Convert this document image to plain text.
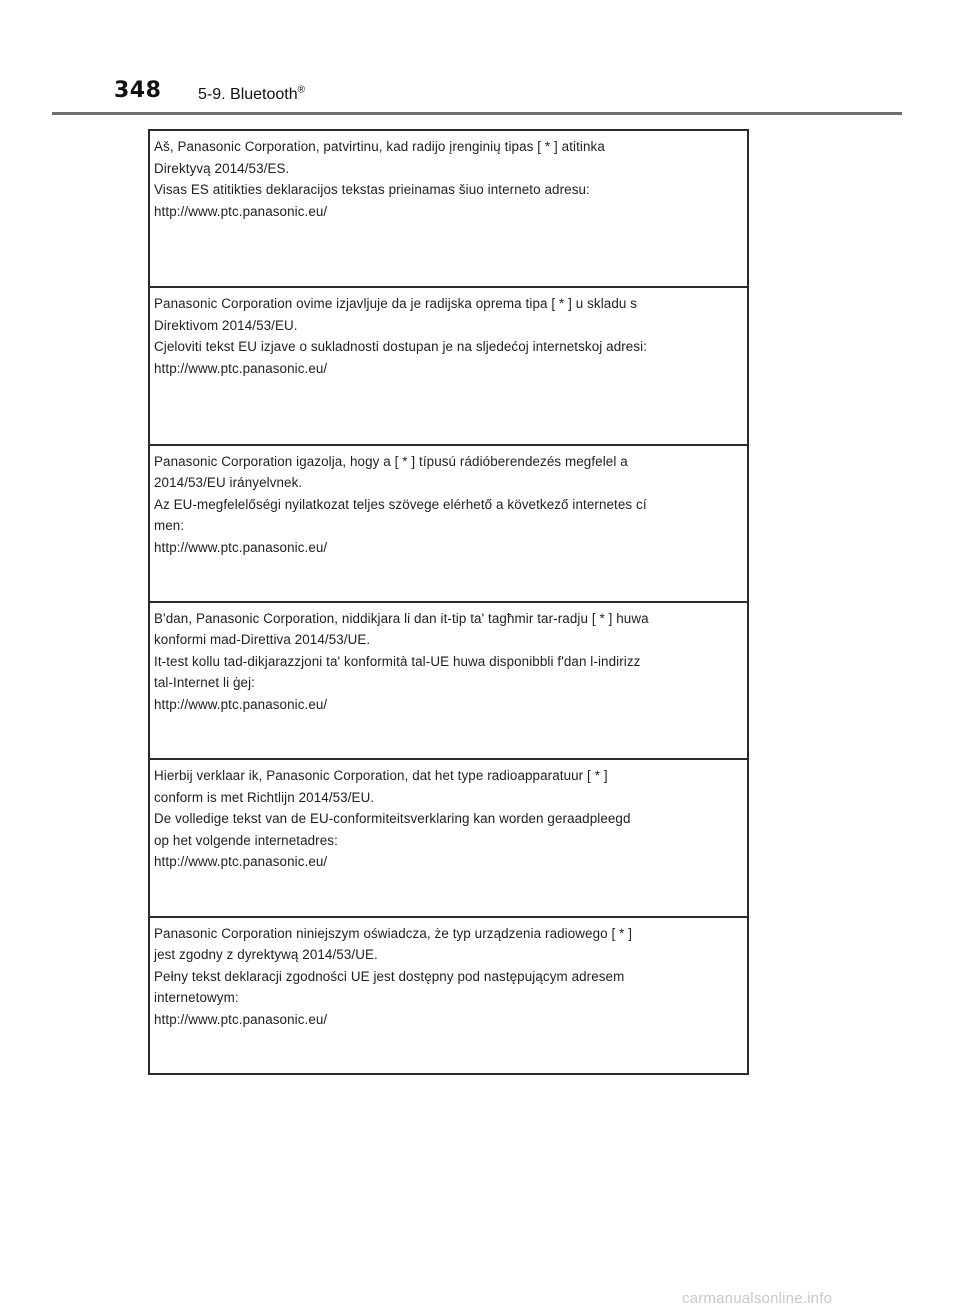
348 5-9. Bluetooth®
Aš, Panasonic Corporation, patvirtinu, kad radijo įrenginių tipas [ * ] atitinka
Direktyvą 2014/53/ES.
Visas ES atitikties deklaracijos tekstas prieinamas šiuo interneto adresu:
http://www.ptc.panasonic.eu/
Panasonic Corporation ovime izjavljuje da je radijska oprema tipa [ * ] u skladu s
Direktivom 2014/53/EU.
Cjeloviti tekst EU izjave o sukladnosti dostupan je na sljedećoj internetskoj adresi:
http://www.ptc.panasonic.eu/
Panasonic Corporation igazolja, hogy a [ * ] típusú rádióberendezés megfelel a
2014/53/EU irányelvnek.
Az EU-megfelelőségi nyilatkozat teljes szövege elérhető a következő internetes cí
men:
http://www.ptc.panasonic.eu/
B'dan, Panasonic Corporation, niddikjara li dan it-tip ta' tagħmir tar-radju [ * ] huwa
konformi mad-Direttiva 2014/53/UE.
It-test kollu tad-dikjarazzjoni ta' konformità tal-UE huwa disponibbli f'dan l-indirizz
tal-Internet li ġej:
http://www.ptc.panasonic.eu/
Hierbij verklaar ik, Panasonic Corporation, dat het type radioapparatuur [ * ]
conform is met Richtlijn 2014/53/EU.
De volledige tekst van de EU-conformiteitsverklaring kan worden geraadpleegd
op het volgende internetadres:
http://www.ptc.panasonic.eu/
Panasonic Corporation niniejszym oświadcza, że typ urządzenia radiowego [ * ]
jest zgodny z dyrektywą 2014/53/UE.
Pełny tekst deklaracji zgodności UE jest dostępny pod następującym adresem
internetowym:
http://www.ptc.panasonic.eu/
carmanualsonline.info
